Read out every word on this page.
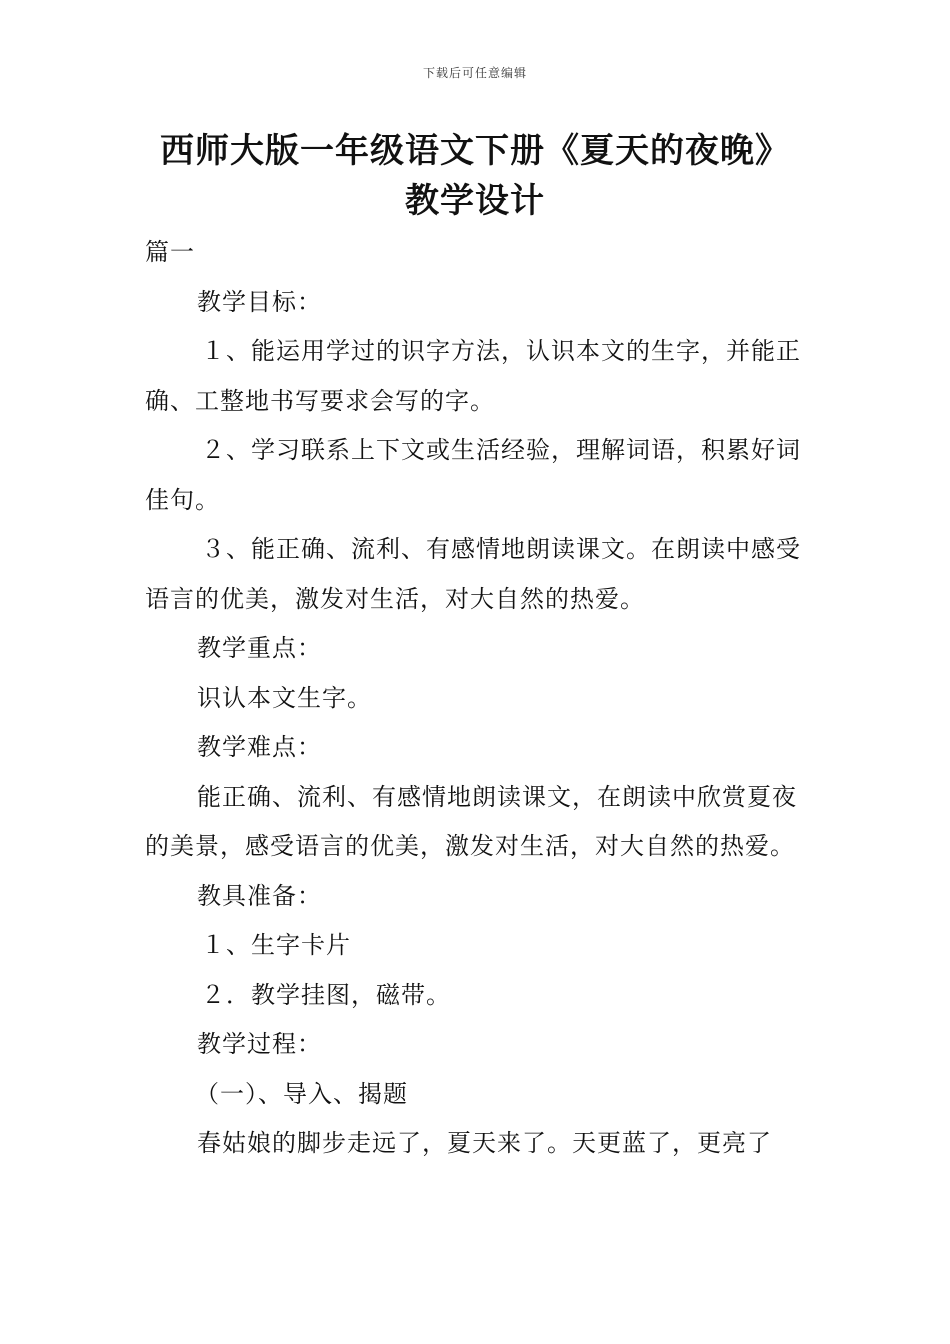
下载后可任意编辑
西师大版一年级语文下册《夏天的夜晚》
教学设计

篇一

教学目标：

１、能运用学过的识字方法，认识本文的生字，并能正确、工整地书写要求会写的字。

２、学习联系上下文或生活经验，理解词语，积累好词佳句。

３、能正确、流利、有感情地朗读课文。在朗读中感受语言的优美，激发对生活，对大自然的热爱。

教学重点：

识认本文生字。

教学难点：

能正确、流利、有感情地朗读课文，在朗读中欣赏夏夜的美景，感受语言的优美，激发对生活，对大自然的热爱。

教具准备：

１、生字卡片

２．教学挂图，磁带。

教学过程：

（一）、导入、揭题

春姑娘的脚步走远了，夏天来了。天更蓝了，更亮了
